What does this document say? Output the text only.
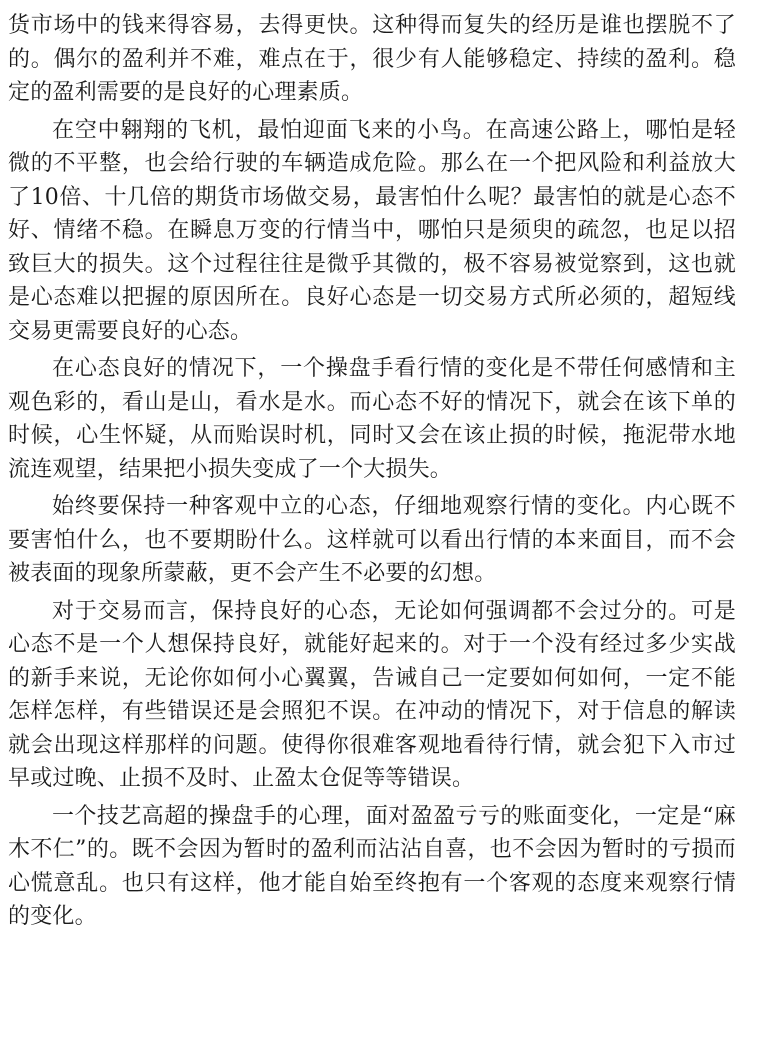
货市场中的钱来得容易，去得更快。这种得而复失的经历是谁也摆脱不了的。偶尔的盈利并不难，难点在于，很少有人能够稳定、持续的盈利。稳定的盈利需要的是良好的心理素质。

在空中翱翔的飞机，最怕迎面飞来的小鸟。在高速公路上，哪怕是轻微的不平整，也会给行驶的车辆造成危险。那么在一个把风险和利益放大了10倍、十几倍的期货市场做交易，最害怕什么呢？最害怕的就是心态不好、情绪不稳。在瞬息万变的行情当中，哪怕只是须臾的疏忽，也足以招致巨大的损失。这个过程往往是微乎其微的，极不容易被觉察到，这也就是心态难以把握的原因所在。良好心态是一切交易方式所必须的，超短线交易更需要良好的心态。

在心态良好的情况下，一个操盘手看行情的变化是不带任何感情和主观色彩的，看山是山，看水是水。而心态不好的情况下，就会在该下单的时候，心生怀疑，从而贻误时机，同时又会在该止损的时候，拖泥带水地流连观望，结果把小损失变成了一个大损失。

始终要保持一种客观中立的心态，仔细地观察行情的变化。内心既不要害怕什么，也不要期盼什么。这样就可以看出行情的本来面目，而不会被表面的现象所蒙蔽，更不会产生不必要的幻想。

对于交易而言，保持良好的心态，无论如何强调都不会过分的。可是心态不是一个人想保持良好，就能好起来的。对于一个没有经过多少实战的新手来说，无论你如何小心翼翼，告诫自己一定要如何如何，一定不能怎样怎样，有些错误还是会照犯不误。在冲动的情况下，对于信息的解读就会出现这样那样的问题。使得你很难客观地看待行情，就会犯下入市过早或过晚、止损不及时、止盈太仓促等等错误。

一个技艺高超的操盘手的心理，面对盈盈亏亏的账面变化，一定是“麻木不仁”的。既不会因为暂时的盈利而沾沾自喜，也不会因为暂时的亏损而心慌意乱。也只有这样，他才能自始至终抱有一个客观的态度来观察行情的变化。
